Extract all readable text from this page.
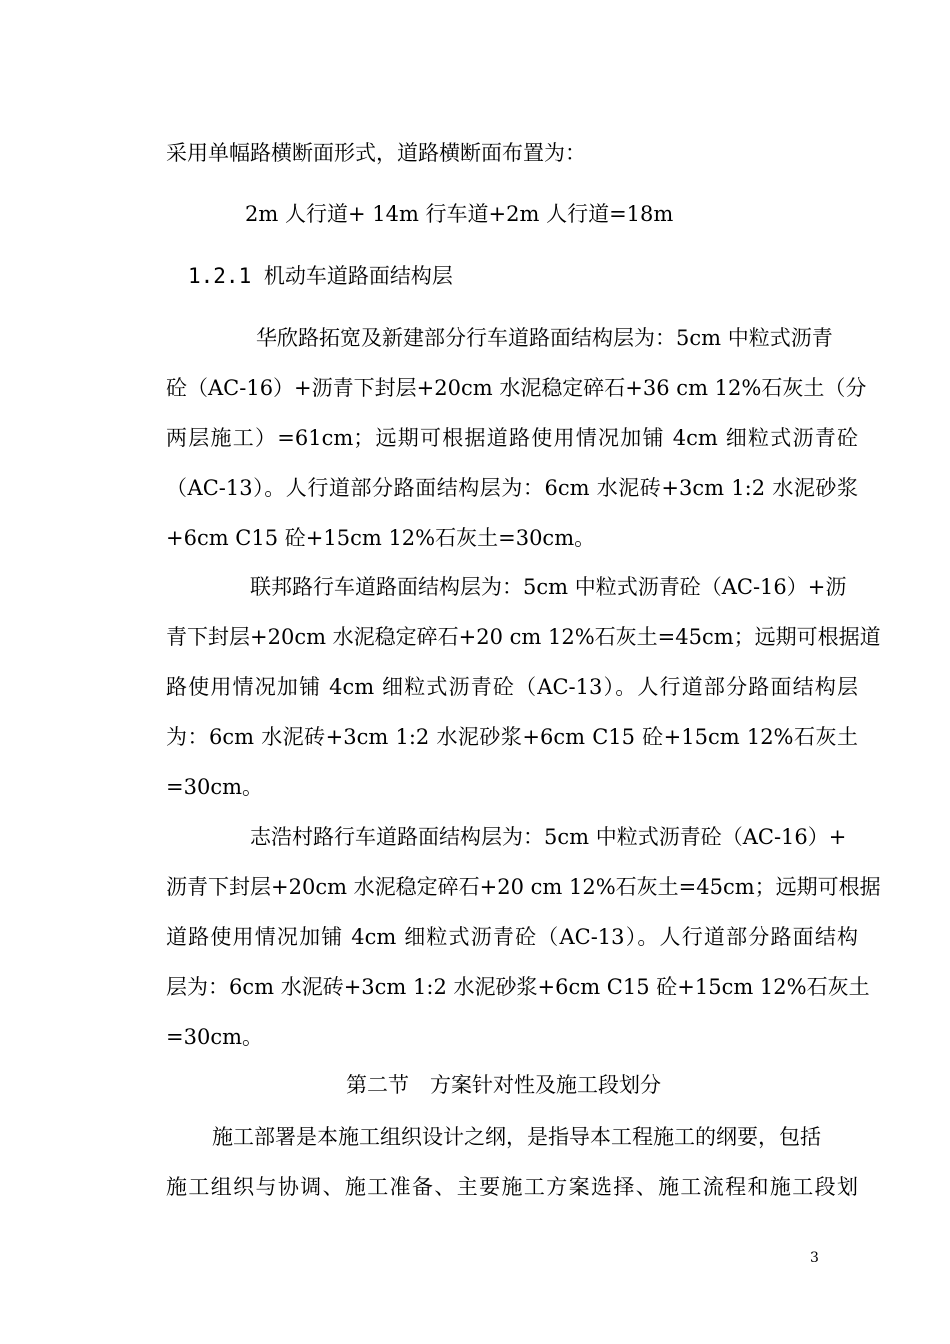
采用单幅路横断面形式，道路横断面布置为：
2m 人行道+ 14m 行车道+2m 人行道=18m
1.2.1 机动车道路面结构层
华欣路拓宽及新建部分行车道路面结构层为：5cm 中粒式沥青
砼（AC-16）+沥青下封层+20cm 水泥稳定碎石+36 cm 12%石灰土（分
两层施工）=61cm；远期可根据道路使用情况加铺 4cm 细粒式沥青砼
（AC-13）。人行道部分路面结构层为：6cm 水泥砖+3cm 1:2 水泥砂浆
+6cm C15 砼+15cm 12%石灰土=30cm。
联邦路行车道路面结构层为：5cm 中粒式沥青砼（AC-16）+沥
青下封层+20cm 水泥稳定碎石+20 cm 12%石灰土=45cm；远期可根据道
路使用情况加铺 4cm 细粒式沥青砼（AC-13）。人行道部分路面结构层
为：6cm 水泥砖+3cm 1:2 水泥砂浆+6cm C15 砼+15cm 12%石灰土
=30cm。
志浩村路行车道路面结构层为：5cm 中粒式沥青砼（AC-16）+
沥青下封层+20cm 水泥稳定碎石+20 cm 12%石灰土=45cm；远期可根据
道路使用情况加铺 4cm 细粒式沥青砼（AC-13）。人行道部分路面结构
层为：6cm 水泥砖+3cm 1:2 水泥砂浆+6cm C15 砼+15cm 12%石灰土
=30cm。
第二节　方案针对性及施工段划分
施工部署是本施工组织设计之纲，是指导本工程施工的纲要，包括
施工组织与协调、施工准备、主要施工方案选择、施工流程和施工段划
3
